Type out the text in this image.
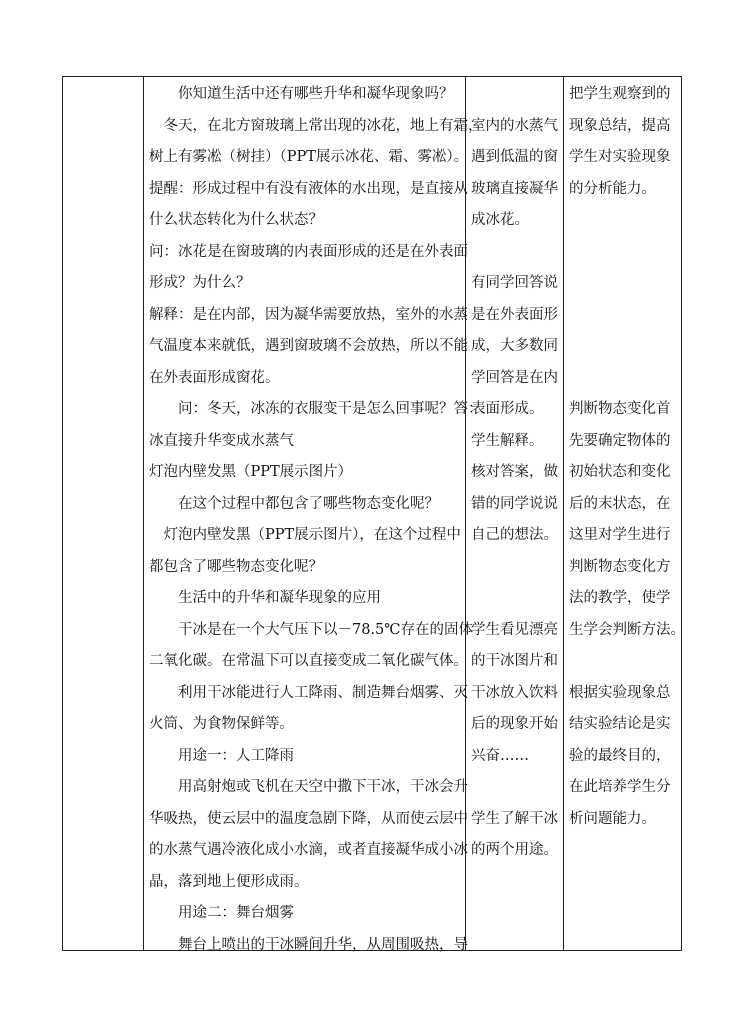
你知道生活中还有哪些升华和凝华现象吗？
冬天，在北方窗玻璃上常出现的冰花，地上有霜，
树上有雾凇（树挂）（PPT展示冰花、霜、雾凇）。
提醒：形成过程中有没有液体的水出现，是直接从
什么状态转化为什么状态？
问：冰花是在窗玻璃的内表面形成的还是在外表面
形成？为什么？
解释：是在内部，因为凝华需要放热，室外的水蒸
气温度本来就低，遇到窗玻璃不会放热，所以不能
在外表面形成窗花。
问：冬天，冰冻的衣服变干是怎么回事呢？答：
冰直接升华变成水蒸气
灯泡内壁发黑（PPT展示图片）
在这个过程中都包含了哪些物态变化呢？
灯泡内壁发黑（PPT展示图片），在这个过程中
都包含了哪些物态变化呢？
生活中的升华和凝华现象的应用
干冰是在一个大气压下以－78.5℃存在的固体
二氧化碳。在常温下可以直接变成二氧化碳气体。
利用干冰能进行人工降雨、制造舞台烟雾、灭
火筒、为食物保鲜等。
用途一：人工降雨
用高射炮或飞机在天空中撒下干冰，干冰会升
华吸热，使云层中的温度急剧下降，从而使云层中
的水蒸气遇冷液化成小水滴，或者直接凝华成小冰
晶，落到地上便形成雨。
用途二：舞台烟雾
舞台上喷出的干冰瞬间升华，从周围吸热，导
室内的水蒸气
遇到低温的窗
玻璃直接凝华
成冰花。
有同学回答说
是在外表面形
成，大多数同
学回答是在内
表面形成。
学生解释。
核对答案，做
错的同学说说
自己的想法。
学生看见漂亮
的干冰图片和
干冰放入饮料
后的现象开始
兴奋……
学生了解干冰
的两个用途。
把学生观察到的
现象总结，提高
学生对实验现象
的分析能力。
判断物态变化首
先要确定物体的
初始状态和变化
后的末状态，在
这里对学生进行
判断物态变化方
法的教学，使学
生学会判断方法。
根据实验现象总
结实验结论是实
验的最终目的，
在此培养学生分
析问题能力。
